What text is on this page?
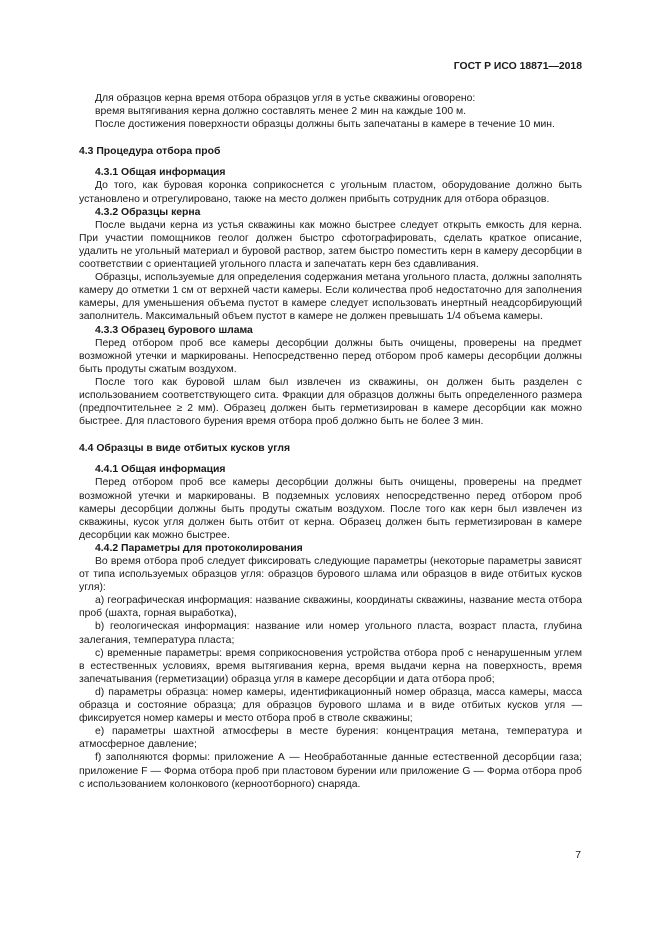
ГОСТ Р ИСО 18871—2018

Для образцов керна время отбора образцов угля в устье скважины оговорено:

время вытягивания керна должно составлять менее 2 мин на каждые 100 м.

После достижения поверхности образцы должны быть запечатаны в камере в течение 10 мин.

4.3 Процедура отбора проб
4.3.1 Общая информация

До того, как буровая коронка соприкоснется с угольным пластом, оборудование должно быть установлено и отрегулировано, также на место должен прибыть сотрудник для отбора образцов.

4.3.2 Образцы керна

После выдачи керна из устья скважины как можно быстрее следует открыть емкость для керна. При участии помощников геолог должен быстро сфотографировать, сделать краткое описание, удалить не угольный материал и буровой раствор, затем быстро поместить керн в камеру десорбции в соответствии с ориентацией угольного пласта и запечатать керн без сдавливания.

Образцы, используемые для определения содержания метана угольного пласта, должны заполнять камеру до отметки 1 см от верхней части камеры. Если количества проб недостаточно для заполнения камеры, для уменьшения объема пустот в камере следует использовать инертный неадсорбирующий заполнитель. Максимальный объем пустот в камере не должен превышать 1/4 объема камеры.

4.3.3 Образец бурового шлама

Перед отбором проб все камеры десорбции должны быть очищены, проверены на предмет возможной утечки и маркированы. Непосредственно перед отбором проб камеры десорбции должны быть продуты сжатым воздухом.

После того как буровой шлам был извлечен из скважины, он должен быть разделен с использованием соответствующего сита. Фракции для образцов должны быть определенного размера (предпочтительнее ≥ 2 мм). Образец должен быть герметизирован в камере десорбции как можно быстрее. Для пластового бурения время отбора проб должно быть не более 3 мин.

4.4 Образцы в виде отбитых кусков угля
4.4.1 Общая информация

Перед отбором проб все камеры десорбции должны быть очищены, проверены на предмет возможной утечки и маркированы. В подземных условиях непосредственно перед отбором проб камеры десорбции должны быть продуты сжатым воздухом. После того как керн был извлечен из скважины, кусок угля должен быть отбит от керна. Образец должен быть герметизирован в камере десорбции как можно быстрее.

4.4.2 Параметры для протоколирования

Во время отбора проб следует фиксировать следующие параметры (некоторые параметры зависят от типа используемых образцов угля: образцов бурового шлама или образцов в виде отбитых кусков угля):

a) географическая информация: название скважины, координаты скважины, название места отбора проб (шахта, горная выработка),

b) геологическая информация: название или номер угольного пласта, возраст пласта, глубина залегания, температура пласта;

c) временные параметры: время соприкосновения устройства отбора проб с ненарушенным углем в естественных условиях, время вытягивания керна, время выдачи керна на поверхность, время запечатывания (герметизации) образца угля в камере десорбции и дата отбора проб;

d) параметры образца: номер камеры, идентификационный номер образца, масса камеры, масса образца и состояние образца; для образцов бурового шлама и в виде отбитых кусков угля — фиксируется номер камеры и место отбора проб в стволе скважины;

e) параметры шахтной атмосферы в месте бурения: концентрация метана, температура и атмосферное давление;

f) заполняются формы: приложение А — Необработанные данные естественной десорбции газа; приложение F — Форма отбора проб при пластовом бурении или приложение G — Форма отбора проб с использованием колонкового (кернoотборного) снаряда.

7
